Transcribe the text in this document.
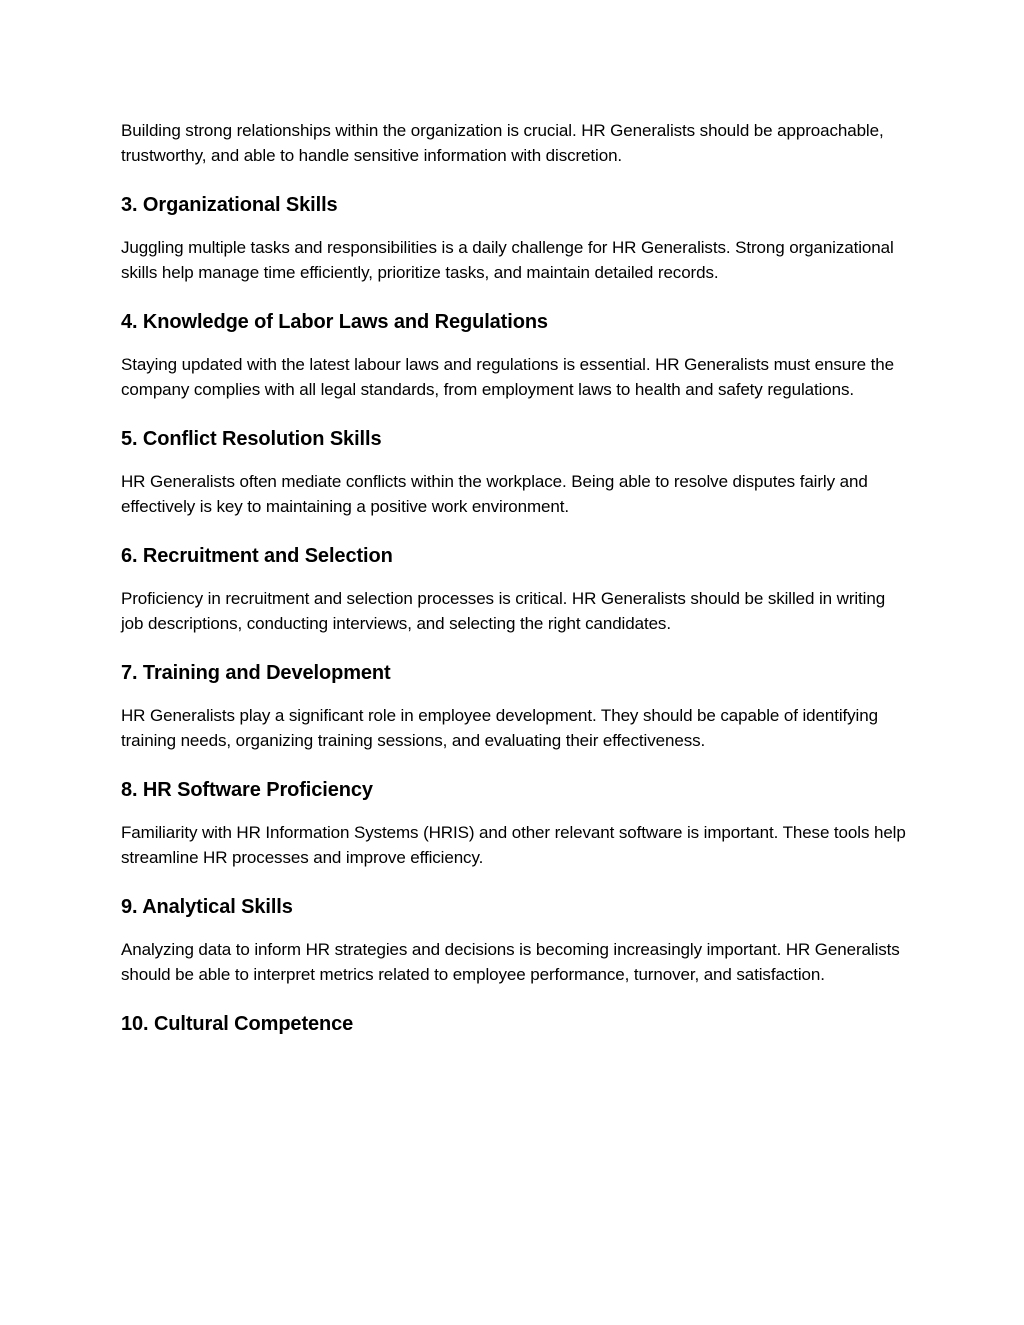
Building strong relationships within the organization is crucial. HR Generalists should be approachable, trustworthy, and able to handle sensitive information with discretion.

3. Organizational Skills

Juggling multiple tasks and responsibilities is a daily challenge for HR Generalists. Strong organizational skills help manage time efficiently, prioritize tasks, and maintain detailed records.

4. Knowledge of Labor Laws and Regulations

Staying updated with the latest labour laws and regulations is essential. HR Generalists must ensure the company complies with all legal standards, from employment laws to health and safety regulations.

5. Conflict Resolution Skills

HR Generalists often mediate conflicts within the workplace. Being able to resolve disputes fairly and effectively is key to maintaining a positive work environment.

6. Recruitment and Selection

Proficiency in recruitment and selection processes is critical. HR Generalists should be skilled in writing job descriptions, conducting interviews, and selecting the right candidates.

7. Training and Development

HR Generalists play a significant role in employee development. They should be capable of identifying training needs, organizing training sessions, and evaluating their effectiveness.

8. HR Software Proficiency

Familiarity with HR Information Systems (HRIS) and other relevant software is important. These tools help streamline HR processes and improve efficiency.

9. Analytical Skills

Analyzing data to inform HR strategies and decisions is becoming increasingly important. HR Generalists should be able to interpret metrics related to employee performance, turnover, and satisfaction.

10. Cultural Competence
